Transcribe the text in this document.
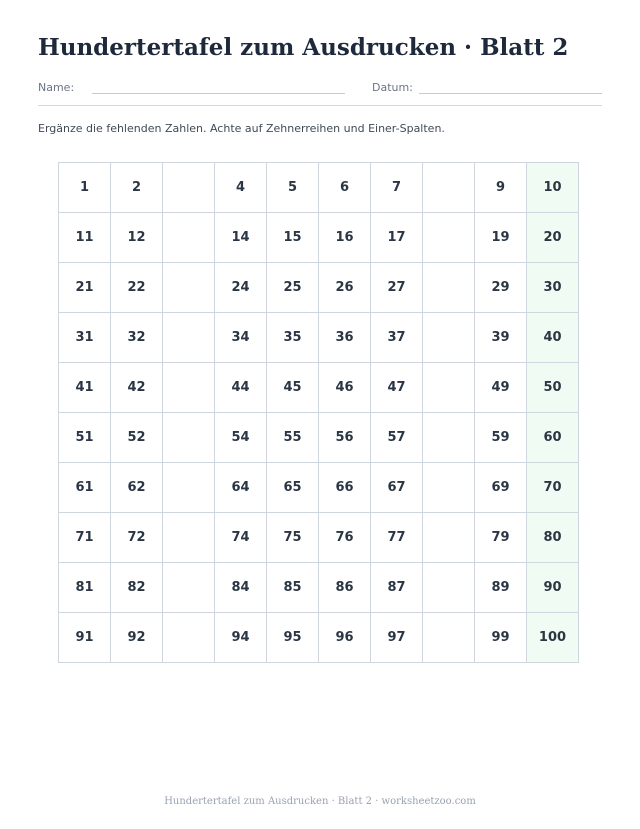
Hundertertafel zum Ausdrucken · Blatt 2
Name:	Datum:
Ergänze die fehlenden Zahlen. Achte auf Zehnerreihen und Einer-Spalten.
1	2		4	5	6	7		9	10
11	12		14	15	16	17		19	20
21	22		24	25	26	27		29	30
31	32		34	35	36	37		39	40
41	42		44	45	46	47		49	50
51	52		54	55	56	57		59	60
61	62		64	65	66	67		69	70
71	72		74	75	76	77		79	80
81	82		84	85	86	87		89	90
91	92		94	95	96	97		99	100
Hundertertafel zum Ausdrucken · Blatt 2 · worksheetzoo.com
